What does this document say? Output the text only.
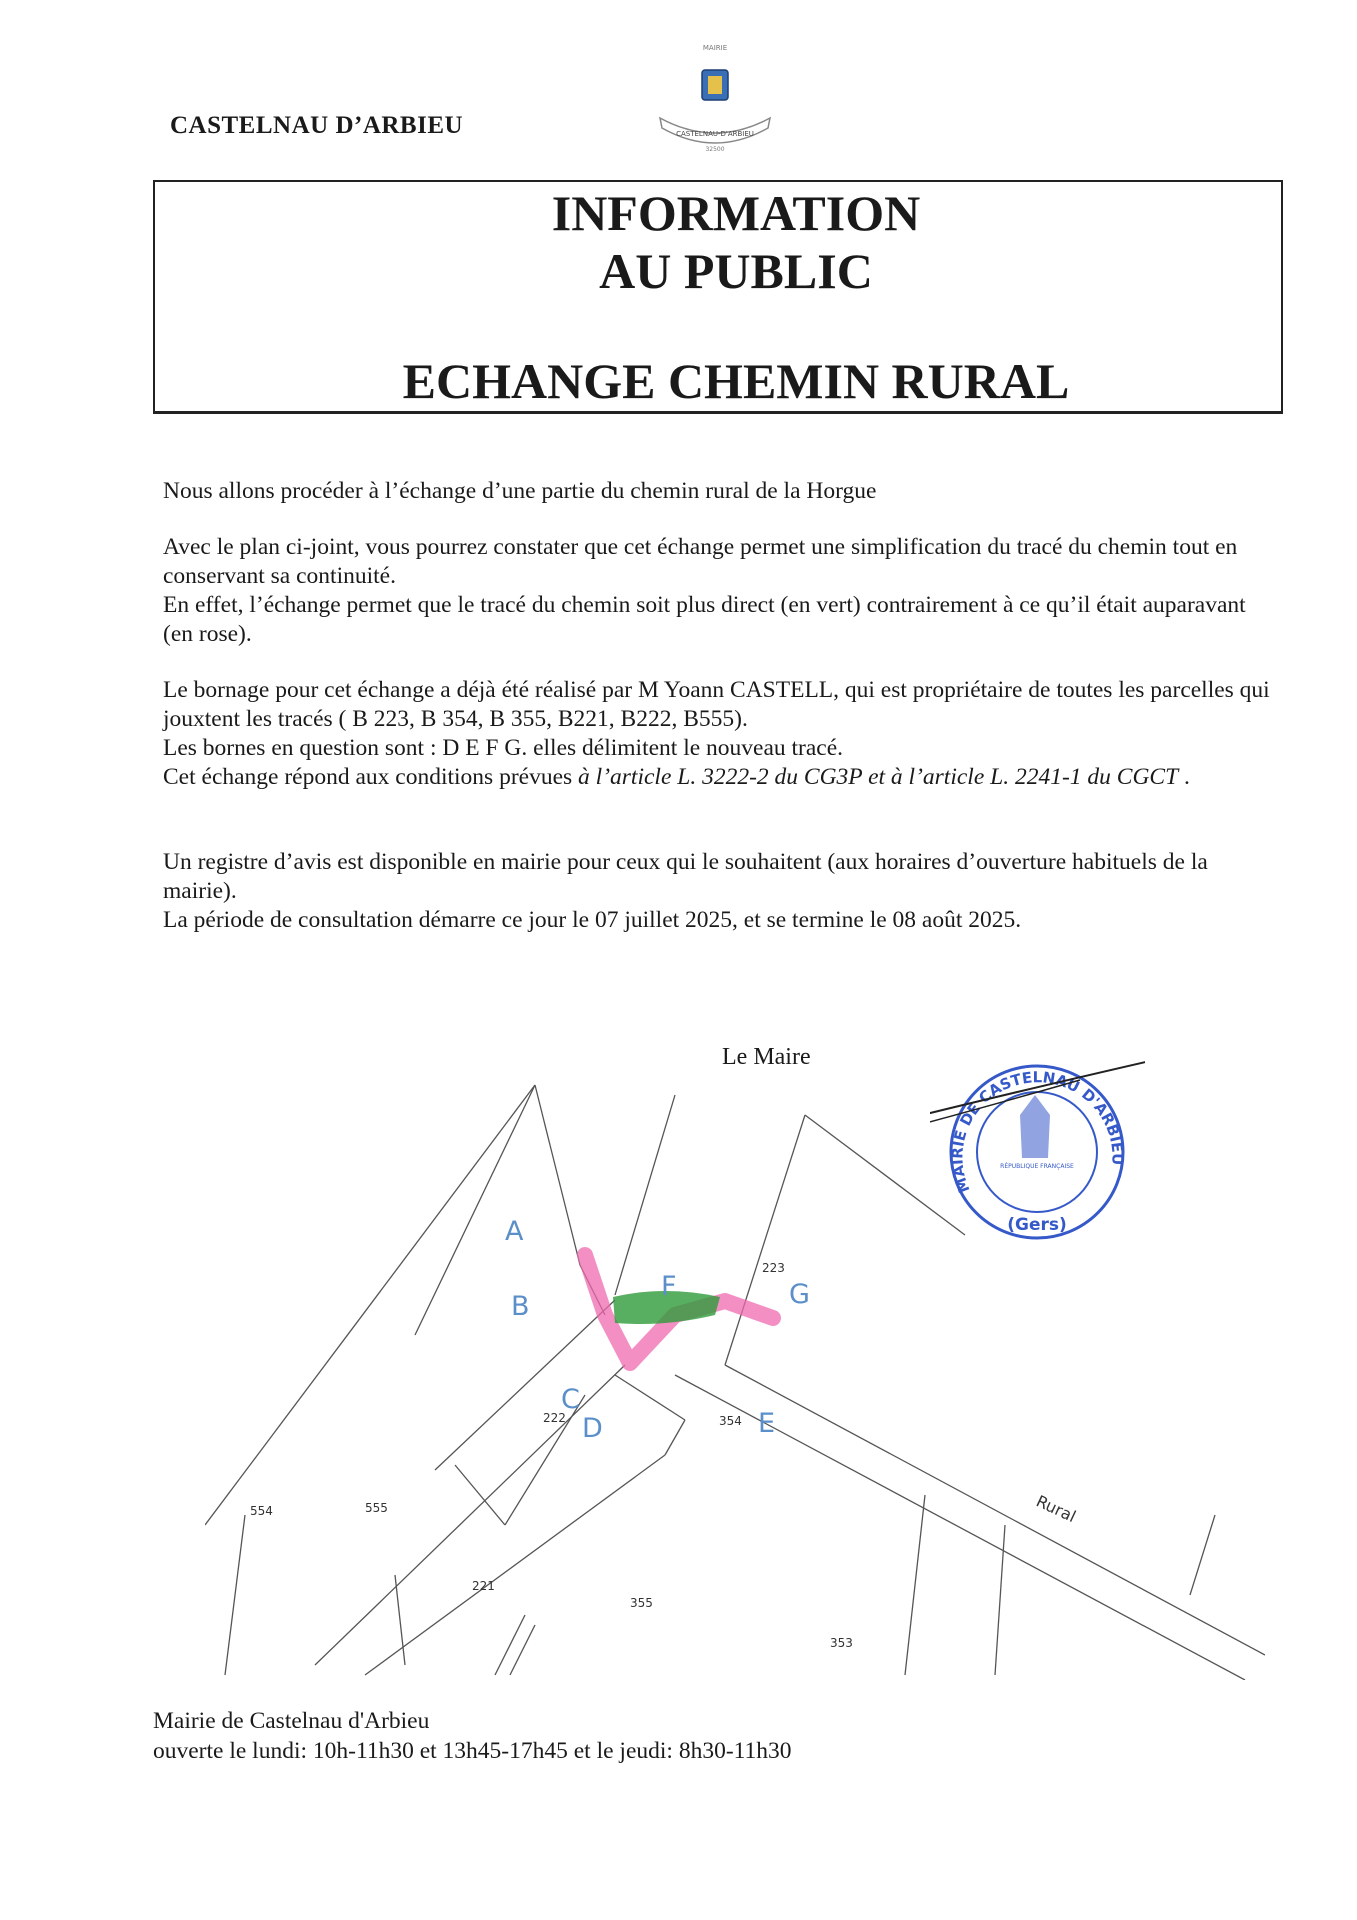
CASTELNAU D’ARBIEU
MAIRIE
CASTELNAU-D'ARBIEU
32500
INFORMATION
AU PUBLIC
ECHANGE CHEMIN RURAL

Nous allons procéder à l’échange d’une partie du chemin rural de la Horgue

Avec le plan ci-joint, vous pourrez constater que cet échange permet une simplification du tracé du chemin tout en conservant sa continuité.

En effet, l’échange permet que le tracé du chemin soit plus direct (en vert) contrairement à ce qu’il était auparavant (en rose).

Le bornage pour cet échange a déjà été réalisé par M Yoann CASTELL, qui est propriétaire de toutes les parcelles qui jouxtent les tracés ( B 223, B 354, B 355, B221, B222, B555).

Les bornes en question sont : D E F G. elles délimitent le nouveau tracé.

Cet échange répond aux conditions prévues à l’article L. 3222-2 du CG3P et à l’article L. 2241-1 du CGCT .

Un registre d’avis est disponible en mairie pour ceux qui le souhaitent (aux horaires d’ouverture habituels de la mairie).

La période de consultation démarre ce jour le 07 juillet 2025, et se termine le 08 août 2025.

Le Maire
A
B
C
D	E
F	G
223
354
222
555
221
355
353
554	Rural
MAIRIE DE CASTELNAU D'ARBIEU
RÉPUBLIQUE FRANÇAISE
(Gers)
Mairie de Castelnau d'Arbieu
ouverte le lundi: 10h-11h30 et 13h45-17h45 et le jeudi: 8h30-11h30
